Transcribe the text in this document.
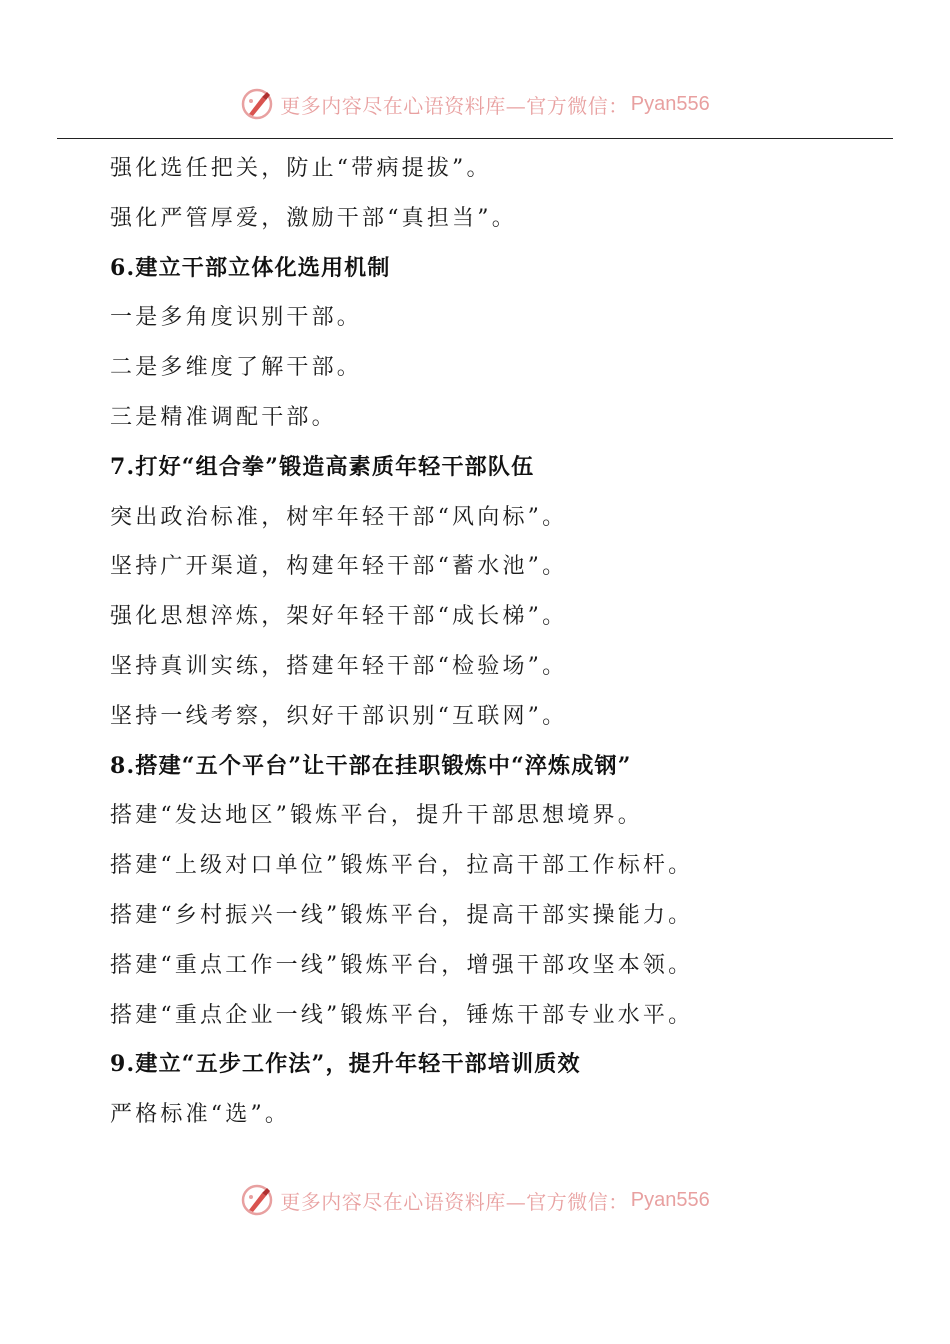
更多内容尽在心语资料库—官方微信： Pyan556
强化选任把关，防止“带病提拔”。
强化严管厚爱，激励干部“真担当”。
6.建立干部立体化选用机制
一是多角度识别干部。
二是多维度了解干部。
三是精准调配干部。
7.打好“组合拳”锻造高素质年轻干部队伍
突出政治标准，树牢年轻干部“风向标”。
坚持广开渠道，构建年轻干部“蓄水池”。
强化思想淬炼，架好年轻干部“成长梯”。
坚持真训实练，搭建年轻干部“检验场”。
坚持一线考察，织好干部识别“互联网”。
8.搭建“五个平台”让干部在挂职锻炼中“淬炼成钢”
搭建“发达地区”锻炼平台，提升干部思想境界。
搭建“上级对口单位”锻炼平台，拉高干部工作标杆。
搭建“乡村振兴一线”锻炼平台，提高干部实操能力。
搭建“重点工作一线”锻炼平台，增强干部攻坚本领。
搭建“重点企业一线”锻炼平台，锤炼干部专业水平。
9.建立“五步工作法”，提升年轻干部培训质效
严格标准“选”。
更多内容尽在心语资料库—官方微信： Pyan556
